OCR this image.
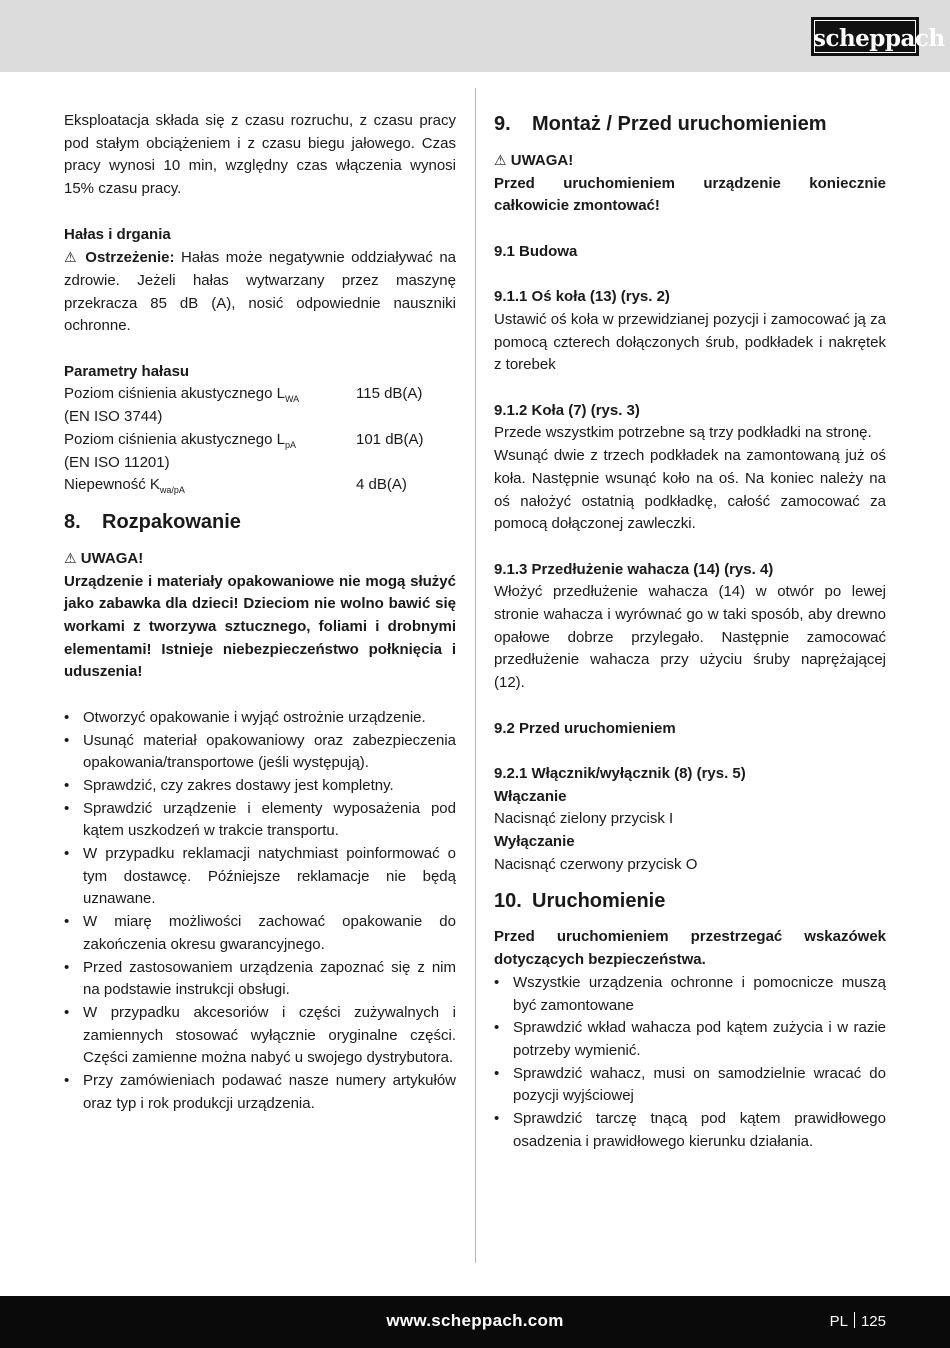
scheppach

Eksploatacja składa się z czasu rozruchu, z czasu pracy pod stałym obciążeniem i z czasu biegu jałowego. Czas pracy wynosi 10 min, względny czas włączenia wynosi 15% czasu pracy.

Hałas i drgania

⚠ Ostrzeżenie: Hałas może negatywnie oddziaływać na zdrowie. Jeżeli hałas wytwarzany przez maszynę przekracza 85 dB (A), nosić odpowiednie nauszniki ochronne.

Parametry hałasu

Poziom ciśnienia akustycznego $L_{WA}$
(EN ISO 3744)
115 dB(A)
Poziom ciśnienia akustycznego $L_{pA}$
(EN ISO 11201)
101 dB(A)
Niepewność $K_{wa/pA}$	4 dB(A)
8. Rozpakowanie

⚠ UWAGA!

Urządzenie i materiały opakowaniowe nie mogą służyć jako zabawka dla dzieci! Dzieciom nie wolno bawić się workami z tworzywa sztucznego, foliami i drobnymi elementami! Istnieje niebezpieczeństwo połknięcia i uduszenia!

• Otworzyć opakowanie i wyjąć ostrożnie urządzenie.
• Usunąć materiał opakowaniowy oraz zabezpieczenia opakowania/transportowe (jeśli występują).
• Sprawdzić, czy zakres dostawy jest kompletny.
• Sprawdzić urządzenie i elementy wyposażenia pod kątem uszkodzeń w trakcie transportu.
• W przypadku reklamacji natychmiast poinformować o tym dostawcę. Późniejsze reklamacje nie będą uznawane.
• W miarę możliwości zachować opakowanie do zakończenia okresu gwarancyjnego.
• Przed zastosowaniem urządzenia zapoznać się z nim na podstawie instrukcji obsługi.
• W przypadku akcesoriów i części zużywalnych i zamiennych stosować wyłącznie oryginalne części. Części zamienne można nabyć u swojego dystrybutora.
• Przy zamówieniach podawać nasze numery artykułów oraz typ i rok produkcji urządzenia.
9. Montaż / Przed uruchomieniem

⚠ UWAGA!

Przed uruchomieniem urządzenie koniecznie całkowicie zmontować!

9.1 Budowa

9.1.1 Oś koła (13) (rys. 2)

Ustawić oś koła w przewidzianej pozycji i zamocować ją za pomocą czterech dołączonych śrub, podkładek i nakrętek z torebek

9.1.2 Koła (7) (rys. 3)

Przede wszystkim potrzebne są trzy podkładki na stronę.

Wsunąć dwie z trzech podkładek na zamontowaną już oś koła. Następnie wsunąć koło na oś. Na koniec należy na oś nałożyć ostatnią podkładkę, całość zamocować za pomocą dołączonej zawleczki.

9.1.3 Przedłużenie wahacza (14) (rys. 4)

Włożyć przedłużenie wahacza (14) w otwór po lewej stronie wahacza i wyrównać go w taki sposób, aby drewno opałowe dobrze przylegało. Następnie zamocować przedłużenie wahacza przy użyciu śruby naprężającej (12).

9.2 Przed uruchomieniem

9.2.1 Włącznik/wyłącznik (8) (rys. 5)

Włączanie

Nacisnąć zielony przycisk I

Wyłączanie

Nacisnąć czerwony przycisk O

10. Uruchomienie

Przed uruchomieniem przestrzegać wskazówek dotyczących bezpieczeństwa.

• Wszystkie urządzenia ochronne i pomocnicze muszą być zamontowane
• Sprawdzić wkład wahacza pod kątem zużycia i w razie potrzeby wymienić.
• Sprawdzić wahacz, musi on samodzielnie wracać do pozycji wyjściowej
• Sprawdzić tarczę tnącą pod kątem prawidłowego osadzenia i prawidłowego kierunku działania.
www.scheppach.com	PL 125
